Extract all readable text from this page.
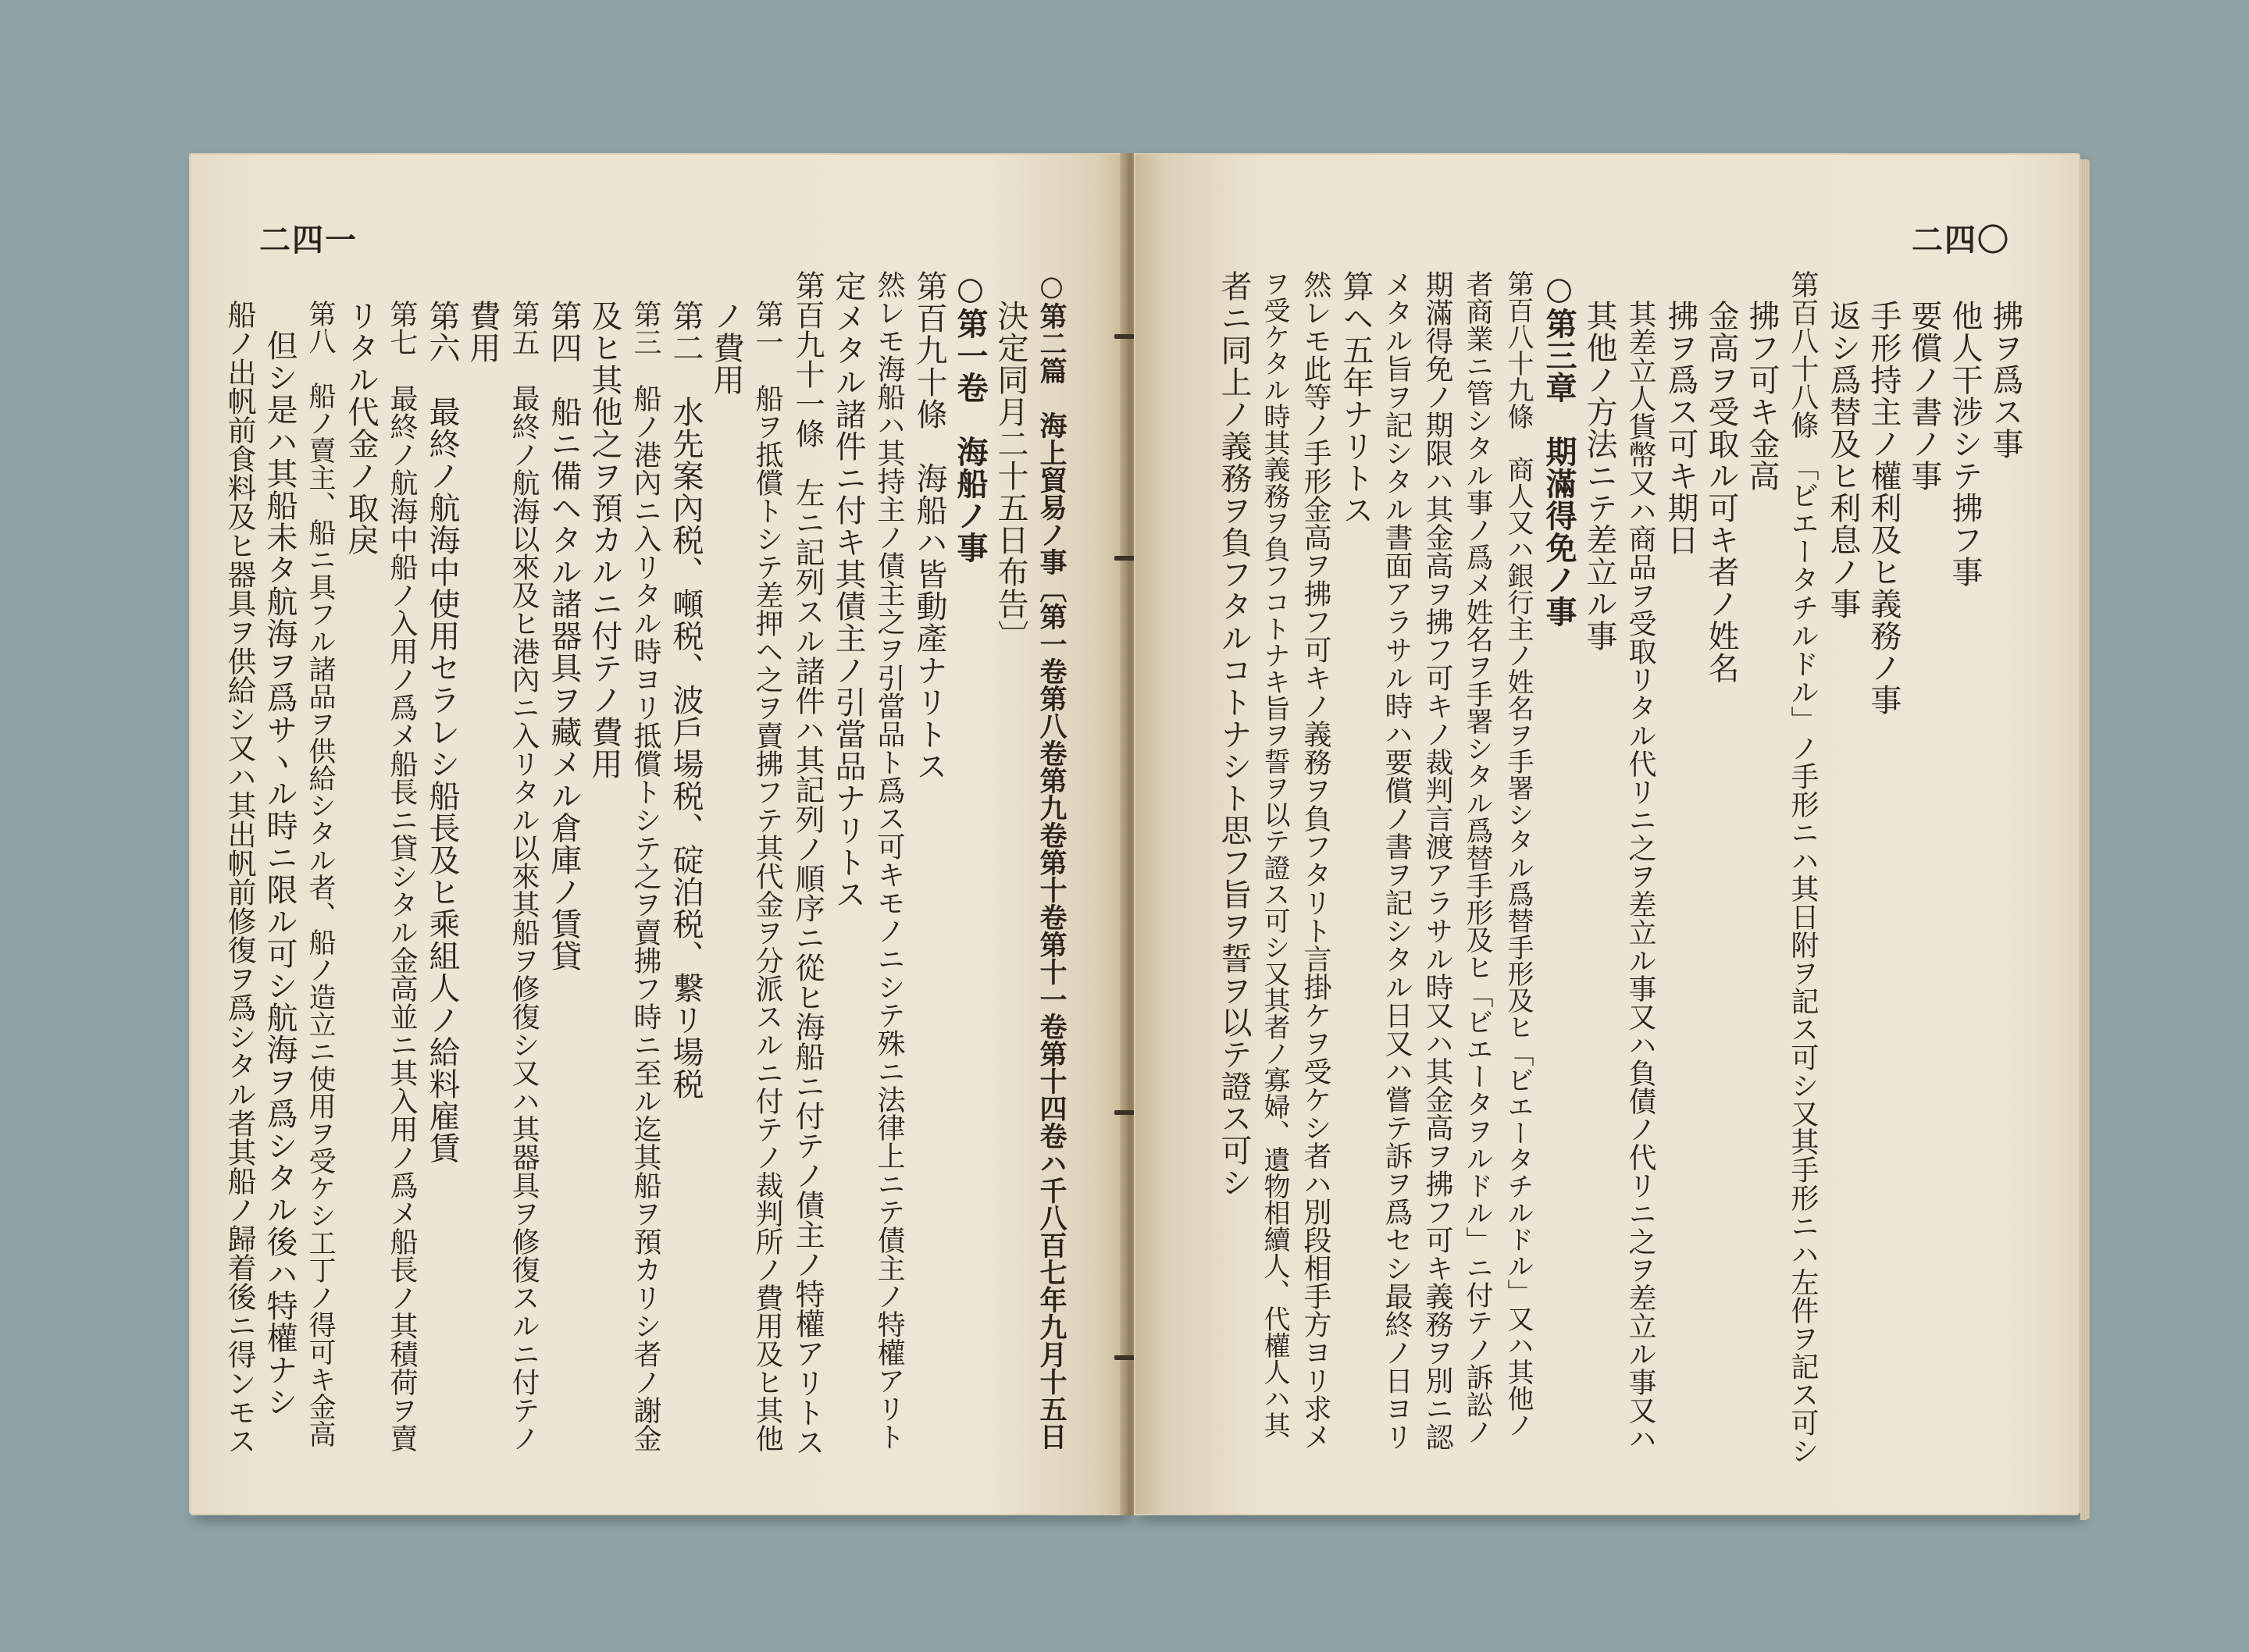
二四一
○第二篇　海上貿易ノ事〔第一卷第八卷第九卷第十卷第十一卷第十四卷ハ千八百七年九月十五日
決定同月二十五日布告〕
○第一卷　海船ノ事
第百九十條　海船ハ皆動產ナリトス
然レモ海船ハ其持主ノ債主之ヲ引當品ト爲ス可キモノニシテ殊ニ法律上ニテ債主ノ特權アリト
定メタル諸件ニ付キ其債主ノ引當品ナリトス
第百九十一條　左ニ記列スル諸件ハ其記列ノ順序ニ從ヒ海船ニ付テノ債主ノ特權アリトス
第一　船ヲ抵償トシテ差押ヘ之ヲ賣拂フテ其代金ヲ分派スルニ付テノ裁判所ノ費用及ヒ其他
ノ費用
第二　水先案內税、噸税、波戶場税、碇泊税、繋リ場税
第三　船ノ港內ニ入リタル時ヨリ抵償トシテ之ヲ賣拂フ時ニ至ル迄其船ヲ預カリシ者ノ謝金
及ヒ其他之ヲ預カルニ付テノ費用
第四　船ニ備ヘタル諸器具ヲ藏メル倉庫ノ賃貸
第五　最終ノ航海以來及ヒ港內ニ入リタル以來其船ヲ修復シ又ハ其器具ヲ修復スルニ付テノ
費用
第六　最終ノ航海中使用セラレシ船長及ヒ乘組人ノ給料雇賃
第七　最終ノ航海中船ノ入用ノ爲メ船長ニ貸シタル金高並ニ其入用ノ爲メ船長ノ其積荷ヲ賣
リタル代金ノ取戾
第八　船ノ賣主、船ニ具フル諸品ヲ供給シタル者、船ノ造立ニ使用ヲ受ケシ工丁ノ得可キ金高
但シ是ハ其船未タ航海ヲ爲サヽル時ニ限ル可シ航海ヲ爲シタル後ハ特權ナシ
船ノ出帆前食料及ヒ器具ヲ供給シ又ハ其出帆前修復ヲ爲シタル者其船ノ歸着後ニ得ンモス
二四〇
拂ヲ爲ス事
他人干涉シテ拂フ事
要償ノ書ノ事
手形持主ノ權利及ヒ義務ノ事
返シ爲替及ヒ利息ノ事
第百八十八條　「ビエータチルドル」ノ手形ニハ其日附ヲ記ス可シ又其手形ニハ左件ヲ記ス可シ
拂フ可キ金高
金高ヲ受取ル可キ者ノ姓名
拂ヲ爲ス可キ期日
其差立人貨幣又ハ商品ヲ受取リタル代リニ之ヲ差立ル事又ハ負債ノ代リニ之ヲ差立ル事又ハ
其他ノ方法ニテ差立ル事
○第三章　期滿得免ノ事
第百八十九條　商人又ハ銀行主ノ姓名ヲ手署シタル爲替手形及ヒ「ビエータチルドル」又ハ其他ノ
者商業ニ管シタル事ノ爲メ姓名ヲ手署シタル爲替手形及ヒ「ビエータヲルドル」ニ付テノ訴訟ノ
期滿得免ノ期限ハ其金高ヲ拂フ可キノ裁判言渡アラサル時又ハ其金高ヲ拂フ可キ義務ヲ別ニ認
メタル旨ヲ記シタル書面アラサル時ハ要償ノ書ヲ記シタル日又ハ嘗テ訴ヲ爲セシ最終ノ日ヨリ
算ヘ五年ナリトス
然レモ此等ノ手形金高ヲ拂フ可キノ義務ヲ負フタリト言掛ケヲ受ケシ者ハ別段相手方ヨリ求メ
ヲ受ケタル時其義務ヲ負フコトナキ旨ヲ誓ヲ以テ證ス可シ又其者ノ寡婦、遺物相續人、代權人ハ其
者ニ同上ノ義務ヲ負フタルコトナシト思フ旨ヲ誓ヲ以テ證ス可シ
